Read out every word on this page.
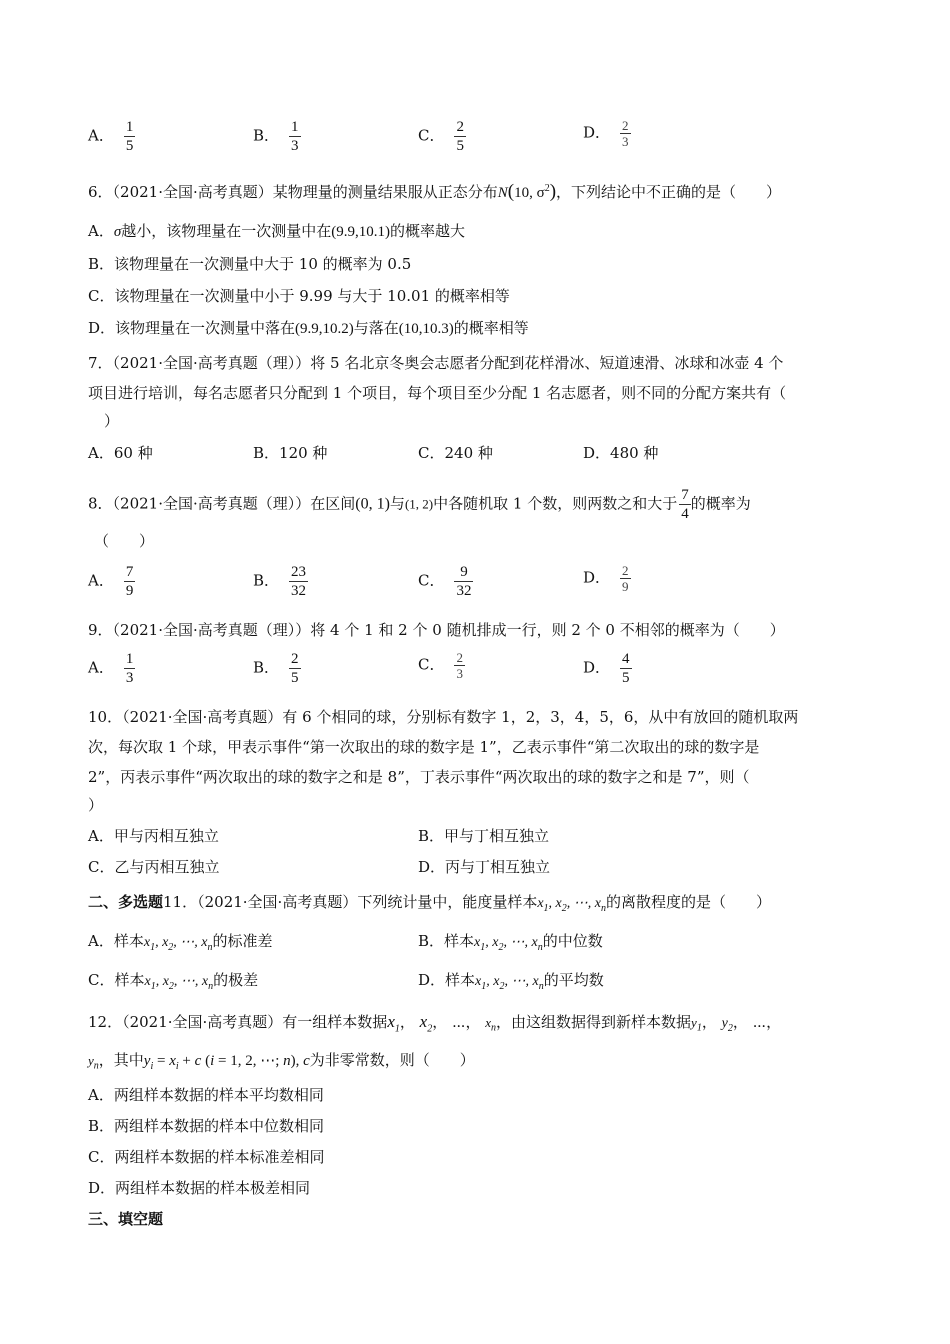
A． $\frac{1}{5}$	B． $\frac{1}{3}$	C． $\frac{2}{5}$	D． $\frac{2}{3}$
6．（2021·全国·高考真题）某物理量的测量结果服从正态分布N(10, $\sigma^2$)，下列结论中不正确的是（　　）
A．σ越小，该物理量在一次测量中在(9.9,10.1)的概率越大
B．该物理量在一次测量中大于 10 的概率为 0.5
C．该物理量在一次测量中小于 9.99 与大于 10.01 的概率相等
D．该物理量在一次测量中落在(9.9,10.2)与落在(10,10.3)的概率相等
7．（2021·全国·高考真题（理））将 5 名北京冬奥会志愿者分配到花样滑冰、短道速滑、冰球和冰壶 4 个
项目进行培训，每名志愿者只分配到 1 个项目，每个项目至少分配 1 名志愿者，则不同的分配方案共有（
）
A．60 种	B．120 种	C．240 种	D．480 种
8．（2021·全国·高考真题（理））在区间(0, 1)与(1, 2)中各随机取 1 个数，则两数之和大于 $\frac{7}{4}$ 的概率为
（　　）
A． $\frac{7}{9}$	B． $\frac{23}{32}$	C． $\frac{9}{32}$	D． $\frac{2}{9}$
9．（2021·全国·高考真题（理））将 4 个 1 和 2 个 0 随机排成一行，则 2 个 0 不相邻的概率为（　　）
A． $\frac{1}{3}$	B． $\frac{2}{5}$	C． $\frac{2}{3}$	D． $\frac{4}{5}$
10．（2021·全国·高考真题）有 6 个相同的球，分别标有数字 1，2，3，4，5，6，从中有放回的随机取两
次，每次取 1 个球，甲表示事件“第一次取出的球的数字是 1”，乙表示事件“第二次取出的球的数字是
2”，丙表示事件“两次取出的球的数字之和是 8”，丁表示事件“两次取出的球的数字之和是 7”，则（
）
A．甲与丙相互独立	B．甲与丁相互独立
C．乙与丙相互独立	D．丙与丁相互独立
二、多选题11．（2021·全国·高考真题）下列统计量中，能度量样本$x_1$, $x_2$, ⋯, $x_n$的离散程度的是（　　）
A．样本$x_1$, $x_2$, ⋯, $x_n$的标准差	B．样本$x_1$, $x_2$, ⋯, $x_n$的中位数
C．样本$x_1$, $x_2$, ⋯, $x_n$的极差	D．样本$x_1$, $x_2$, ⋯, $x_n$的平均数
12．（2021·全国·高考真题）有一组样本数据$x_1$， $x_2$， ⋯， $x_n$，由这组数据得到新样本数据$y_1$， $y_2$， ⋯，
$y_n$，其中$y_i = x_i + c$ (i = 1, 2, ⋯; n), c为非零常数，则（　　）
A．两组样本数据的样本平均数相同
B．两组样本数据的样本中位数相同
C．两组样本数据的样本标准差相同
D．两组样本数据的样本极差相同
三、填空题
